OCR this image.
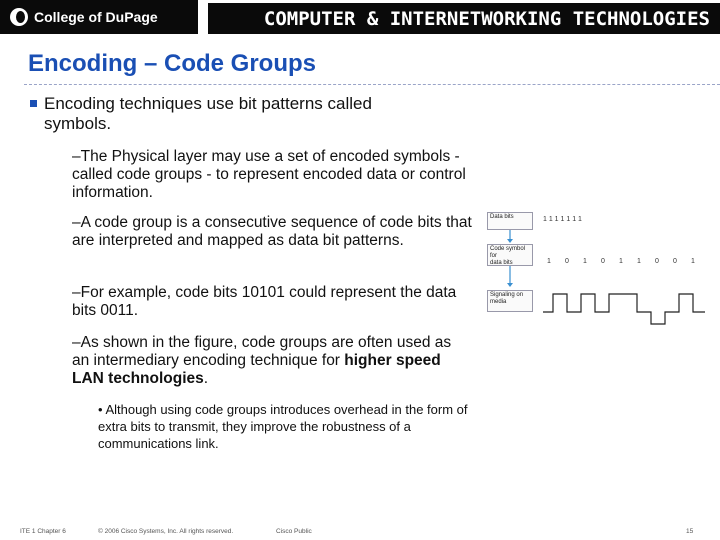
College of DuPage	COMPUTER & INTERNETWORKING TECHNOLOGIES
Encoding – Code Groups
Encoding techniques use bit patterns called
symbols.
–The Physical layer may use a set of encoded symbols - called code groups - to represent encoded data or control information.
–A code group is a consecutive sequence of code bits that are interpreted and mapped as data bit patterns.
–For example, code bits 10101 could represent the data bits 0011.
–As shown in the figure, code groups are often used as an intermediary encoding technique for higher speed LAN technologies.
• Although using code groups introduces overhead in the form of extra bits to transmit, they improve the robustness of a communications link.
Data bits
Code symbol for
data bits
Signaling on
media
1 1 1 1 1 1 1
1 0 1 0 1 1 0 0 1
ITE 1 Chapter 6	© 2006 Cisco Systems, Inc. All rights reserved.	Cisco Public	15
